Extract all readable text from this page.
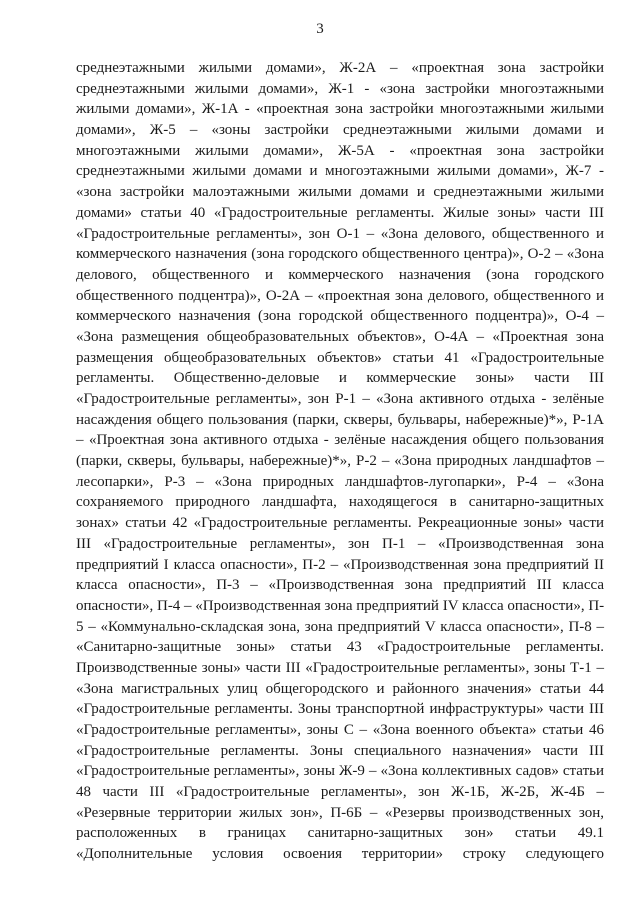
3
среднеэтажными жилыми домами», Ж-2А – «проектная зона застройки
среднеэтажными жилыми домами», Ж-1 - «зона застройки многоэтажными
жилыми домами», Ж-1А - «проектная зона застройки многоэтажными жилыми
домами», Ж-5 – «зоны застройки среднеэтажными жилыми домами и
многоэтажными жилыми домами», Ж-5А - «проектная зона застройки
среднеэтажными жилыми домами и многоэтажными жилыми домами», Ж-7 -
«зона застройки малоэтажными жилыми домами и среднеэтажными жилыми
домами» статьи 40 «Градостроительные регламенты. Жилые зоны» части III
«Градостроительные регламенты», зон О-1 – «Зона делового, общественного и
коммерческого назначения (зона городского общественного центра)», О-2 – «Зона
делового, общественного и коммерческого назначения (зона городского
общественного подцентра)», О-2А – «проектная зона делового, общественного и
коммерческого назначения (зона городской общественного подцентра)», О-4 –
«Зона размещения общеобразовательных объектов», О-4А – «Проектная зона
размещения общеобразовательных объектов» статьи 41 «Градостроительные
регламенты. Общественно-деловые и коммерческие зоны» части III
«Градостроительные регламенты», зон Р-1 – «Зона активного отдыха - зелёные
насаждения общего пользования (парки, скверы, бульвары, набережные)*», Р-1А
– «Проектная зона активного отдыха - зелёные насаждения общего пользования
(парки, скверы, бульвары, набережные)*», Р-2 – «Зона природных ландшафтов –
лесопарки», Р-3 – «Зона природных ландшафтов-лугопарки», Р-4 – «Зона
сохраняемого природного ландшафта, находящегося в санитарно-защитных
зонах» статьи 42 «Градостроительные регламенты. Рекреационные зоны» части
III «Градостроительные регламенты», зон П-1 – «Производственная зона
предприятий I класса опасности», П-2 – «Производственная зона предприятий II
класса опасности», П-3 – «Производственная зона предприятий III класса
опасности», П-4 – «Производственная зона предприятий IV класса опасности», П-
5 – «Коммунально-складская зона, зона предприятий V класса опасности», П-8 –
«Санитарно-защитные зоны» статьи 43 «Градостроительные регламенты.
Производственные зоны» части III «Градостроительные регламенты», зоны Т-1 –
«Зона магистральных улиц общегородского и районного значения» статьи 44
«Градостроительные регламенты. Зоны транспортной инфраструктуры» части III
«Градостроительные регламенты», зоны С – «Зона военного объекта» статьи 46
«Градостроительные регламенты. Зоны специального назначения» части III
«Градостроительные регламенты», зоны Ж-9 – «Зона коллективных садов» статьи
48 части III «Градостроительные регламенты», зон Ж-1Б, Ж-2Б, Ж-4Б –
«Резервные территории жилых зон», П-6Б – «Резервы производственных зон,
расположенных в границах санитарно-защитных зон» статьи 49.1
«Дополнительные условия освоения территории» строку следующего
